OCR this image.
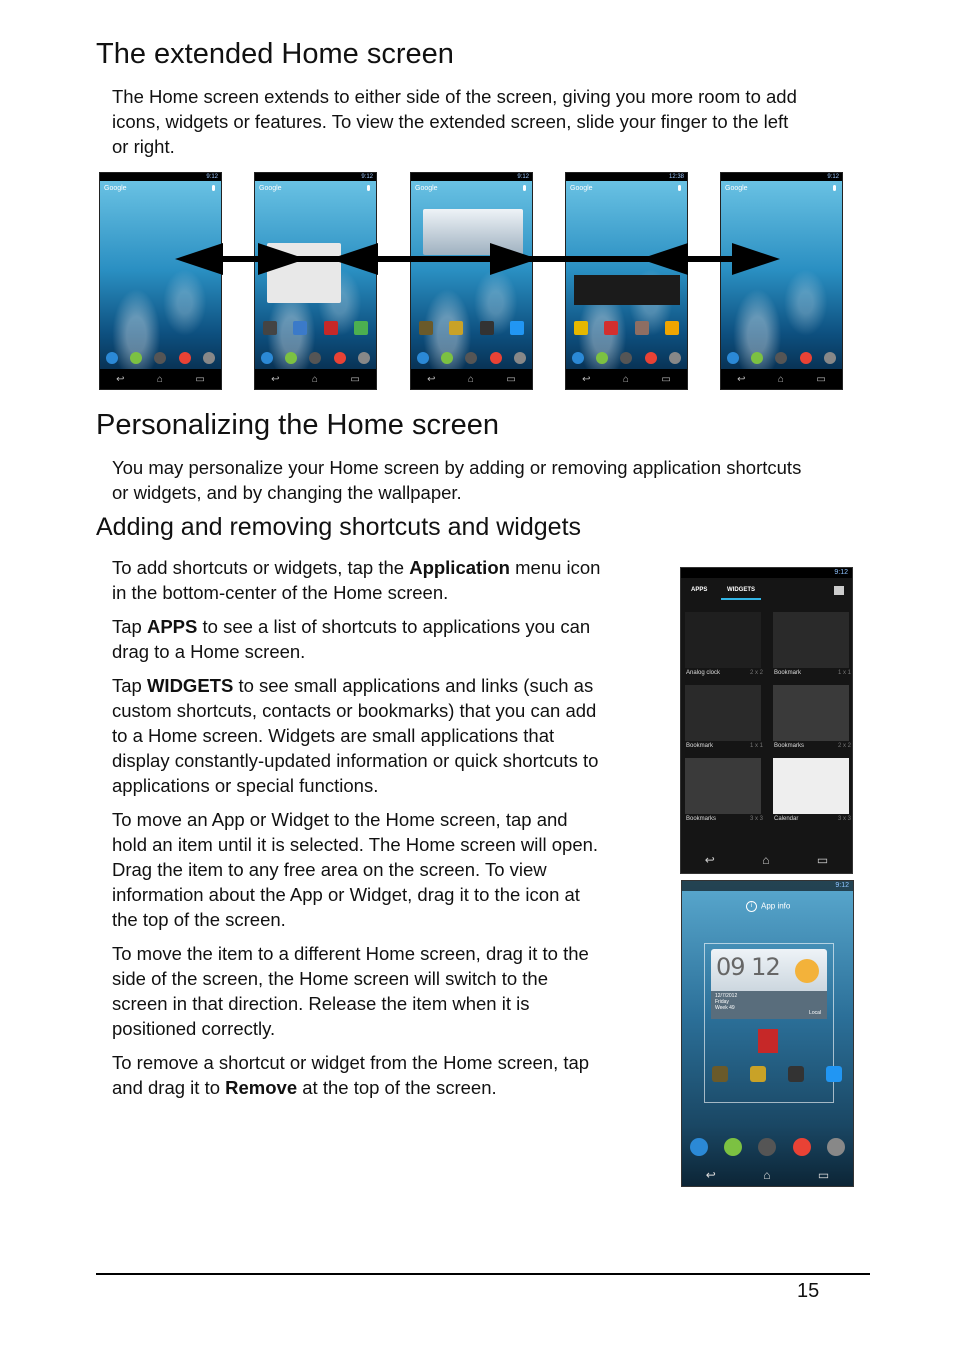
The extended Home screen

The Home screen extends to either side of the screen, giving you more room to add
icons, widgets or features. To view the extended screen, slide your finger to the left
or right.

9:12
Google
↩	⌂	▭
9:12
Google
↩	⌂	▭
9:12
Google
↩	⌂	▭
12:38
Google
↩	⌂	▭
9:12
Google
↩	⌂	▭
Personalizing the Home screen

You may personalize your Home screen by adding or removing application shortcuts
or widgets, and by changing the wallpaper.

Adding and removing shortcuts and widgets

To add shortcuts or widgets, tap the Application menu icon
in the bottom-center of the Home screen.

Tap APPS to see a list of shortcuts to applications you can
drag to a Home screen.

Tap WIDGETS to see small applications and links (such as
custom shortcuts, contacts or bookmarks) that you can add
to a Home screen. Widgets are small applications that
display constantly-updated information or quick shortcuts to
applications or special functions.

To move an App or Widget to the Home screen, tap and
hold an item until it is selected. The Home screen will open.
Drag the item to any free area on the screen. To view
information about the App or Widget, drag it to the icon at
the top of the screen.

To move the item to a different Home screen, drag it to the
side of the screen, the Home screen will switch to the
screen in that direction. Release the item when it is
positioned correctly.

To remove a shortcut or widget from the Home screen, tap
and drag it to Remove at the top of the screen.

9:12
APPS	WIDGETS
Analog clock	2 x 2 Bookmark	1 x 1
Bookmark	1 x 1 Bookmarks	2 x 2
Bookmarks	3 x 3 Calendar	3 x 3
↩	⌂	▭
9:12
i App info
09 12
12/7/2012
Friday
Week 49
Local
↩	⌂	▭
15
